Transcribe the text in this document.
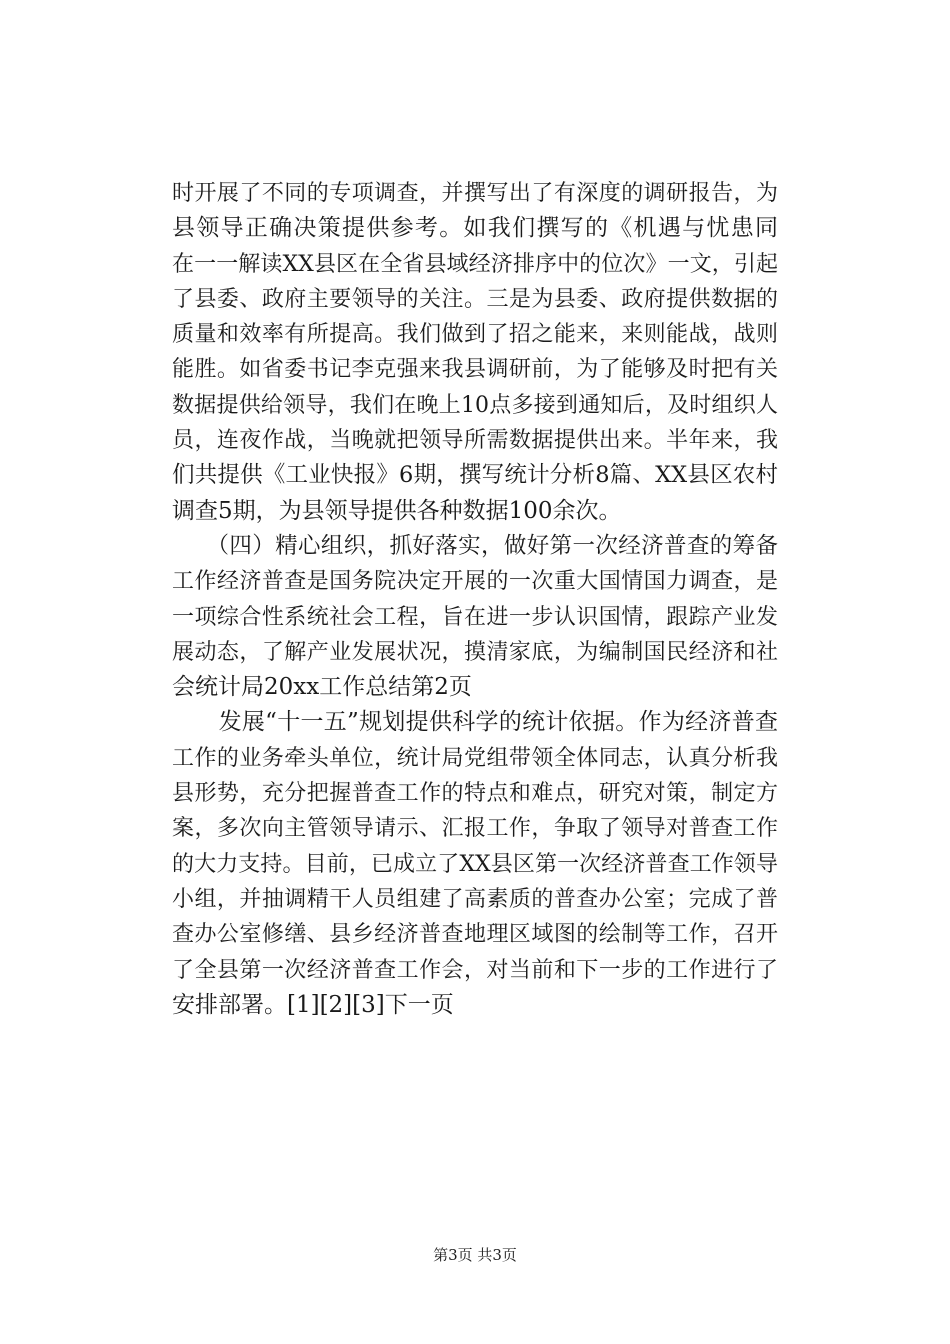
时开展了不同的专项调查，并撰写出了有深度的调研报告，为
县领导正确决策提供参考。如我们撰写的《机遇与忧患同
在一一解读XX县区在全省县域经济排序中的位次》一文，引起
了县委、政府主要领导的关注。三是为县委、政府提供数据的
质量和效率有所提高。我们做到了招之能来，来则能战，战则
能胜。如省委书记李克强来我县调研前，为了能够及时把有关
数据提供给领导，我们在晚上10点多接到通知后，及时组织人
员，连夜作战，当晚就把领导所需数据提供出来。半年来，我
们共提供《工业快报》6期，撰写统计分析8篇、XX县区农村
调查5期，为县领导提供各种数据100余次。
　　（四）精心组织，抓好落实，做好第一次经济普查的筹备
工作经济普查是国务院决定开展的一次重大国情国力调查，是
一项综合性系统社会工程，旨在进一步认识国情，跟踪产业发
展动态，了解产业发展状况，摸清家底，为编制国民经济和社
会统计局20xx工作总结第2页
　　发展“十一五”规划提供科学的统计依据。作为经济普查
工作的业务牵头单位，统计局党组带领全体同志，认真分析我
县形势，充分把握普查工作的特点和难点，研究对策，制定方
案，多次向主管领导请示、汇报工作，争取了领导对普查工作
的大力支持。目前，已成立了XX县区第一次经济普查工作领导
小组，并抽调精干人员组建了高素质的普查办公室；完成了普
查办公室修缮、县乡经济普查地理区域图的绘制等工作，召开
了全县第一次经济普查工作会，对当前和下一步的工作进行了
安排部署。[1][2][3]下一页
第3页 共3页
